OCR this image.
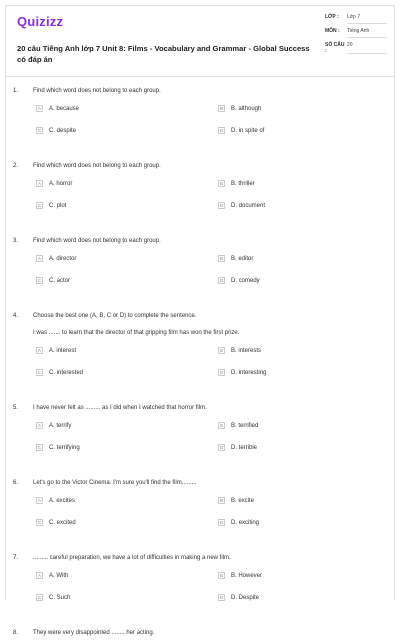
Quizizz
20 câu Tiếng Anh lớp 7 Unit 8: Films - Vocabulary and Grammar - Global Success có đáp án
LỚP :	Lớp 7
MÔN :	Tiếng Anh
SỐ CÂU :
20
1.	Find which word does not belong to each group.
A	A. because	B	B. although
C	C. despite	D	D. in spite of
2.	Find which word does not belong to each group.
A	A. horror	B	B. thriller
C	C. plot	D	D. document
3.	Find which word does not belong to each group.
A	A. director	B	B. editor
C	C. actor	D	D. comedy
4.	Choose the best one (A, B, C or D) to complete the sentence.
I was ....... to learn that the director of that gripping film has won the first prize.
A	A. interest	B	B. interests
C	C. interested	D	D. interesting
5.	I have never felt as ......... as I did when I watched that horror film.
A	A. terrify	B	B. terrified
C	C. terrifying	D	D. terrible
6.	Let's go to the Victor Cinema. I'm sure you'll find the film.........
A	A. excites	B	B. excite
C	C. excited	D	D. exciting
7.	......... careful preparation, we have a lot of difficulties in making a new film.
A	A. With	B	B. However
C	C. Such	D	D. Despite
8.	They were very disappointed ........ her acting.
